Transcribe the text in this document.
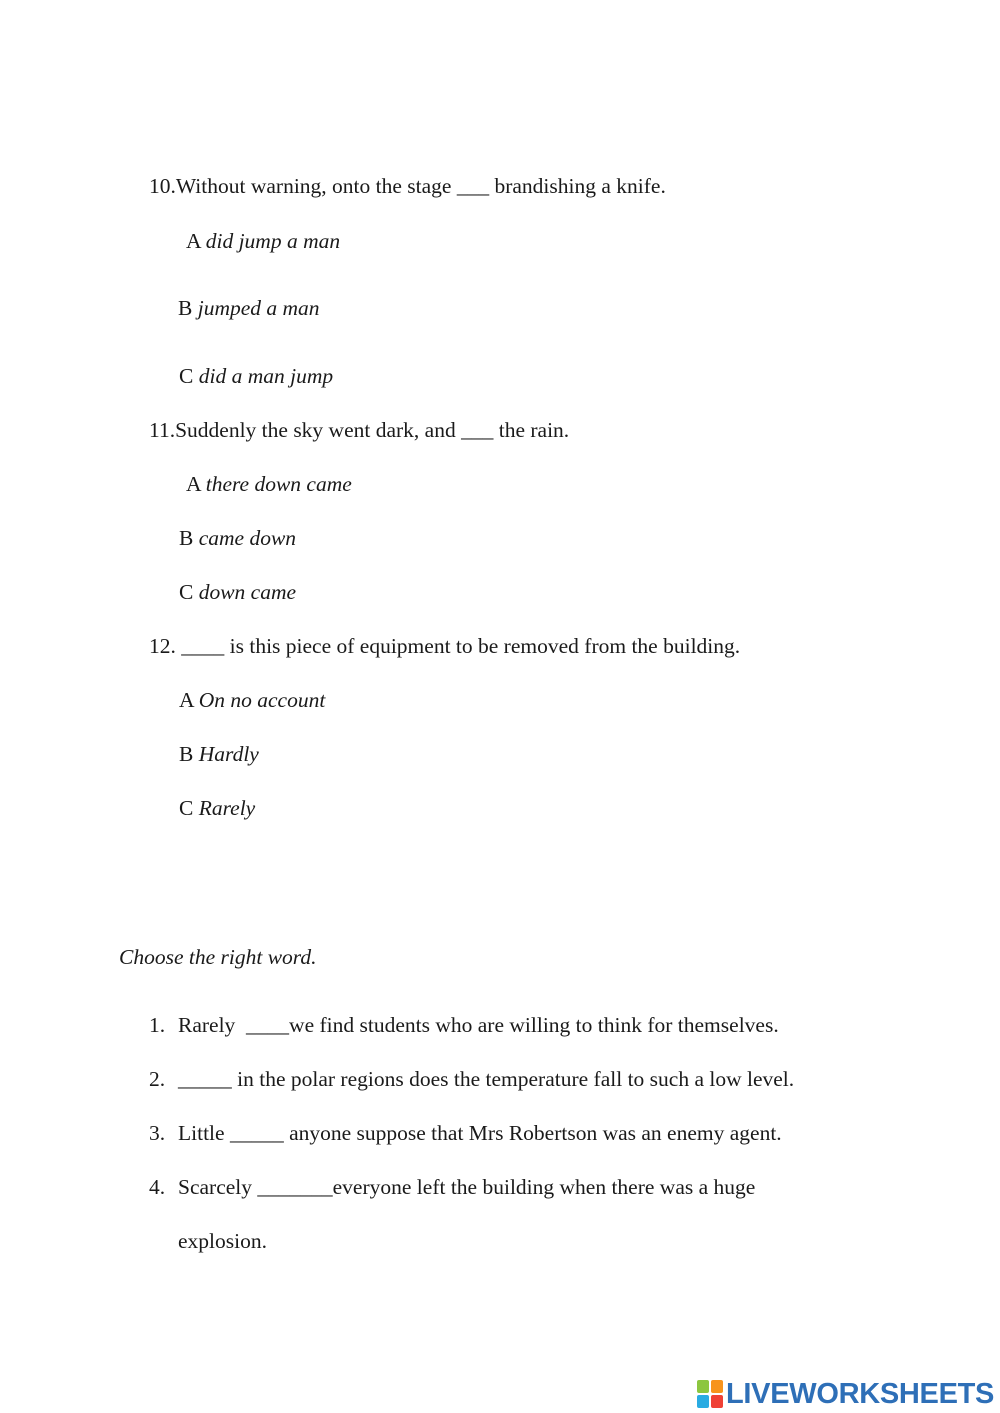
10.Without warning, onto the stage ___ brandishing a knife.
A did jump a man
B jumped a man
C did a man jump
11.Suddenly the sky went dark, and ___ the rain.
A there down came
B came down
C down came
12. ____ is this piece of equipment to be removed from the building.
A On no account
B Hardly
C Rarely
Choose the right word.
1. Rarely  ____we find students who are willing to think for themselves.
2. _____ in the polar regions does the temperature fall to such a low level.
3. Little _____ anyone suppose that Mrs Robertson was an enemy agent.
4. Scarcely _______everyone left the building when there was a huge
explosion.
LIVEWORKSHEETS
